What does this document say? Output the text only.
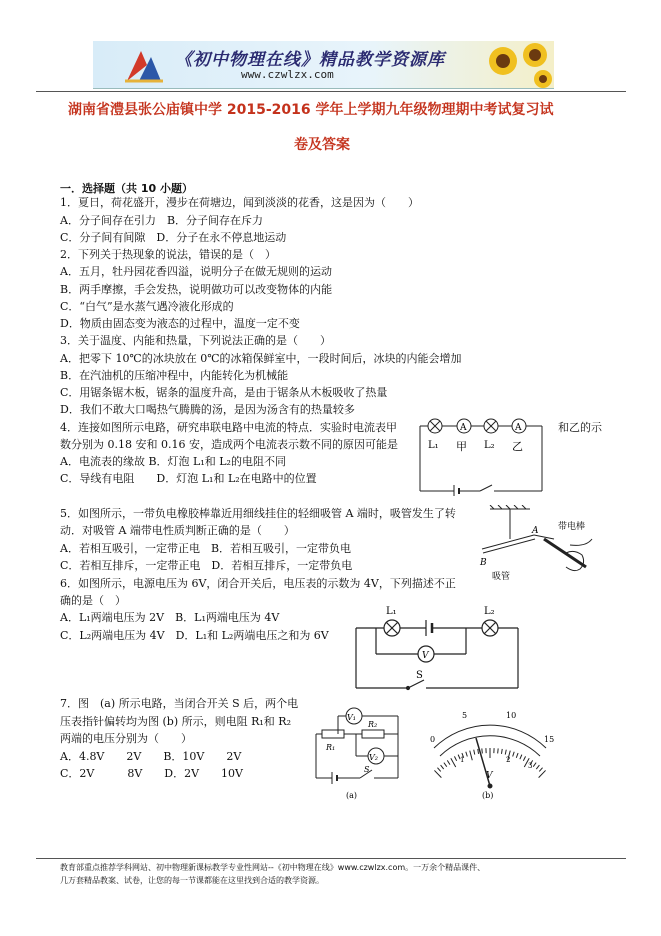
《初中物理在线》精品教学资源库
www.czwlzx.com
湖南省澧县张公庙镇中学 2015-2016 学年上学期九年级物理期中考试复习试
卷及答案
一．选择题（共 10 小题）
1．夏日，荷花盛开，漫步在荷塘边，闻到淡淡的花香，这是因为（　　）
A．分子间存在引力　B．分子间存在斥力
C．分子间有间隙　D．分子在永不停息地运动
2．下列关于热现象的说法，错误的是（　）
A．五月，牡丹园花香四溢，说明分子在做无规则的运动
B．两手摩擦，手会发热，说明做功可以改变物体的内能
C．“白气”是水蒸气遇冷液化形成的
D．物质由固态变为液态的过程中，温度一定不变
3．关于温度、内能和热量，下列说法正确的是（　　）
A．把零下 10℃的冰块放在 0℃的冰箱保鲜室中，一段时间后，冰块的内能会增加
B．在汽油机的压缩冲程中，内能转化为机械能
C．用锯条锯木板，锯条的温度升高，是由于锯条从木板吸收了热量
D．我们不敢大口喝热气腾腾的汤，是因为汤含有的热量较多
4．连接如图所示电路，研究串联电路中电流的特点．实验时电流表甲	和乙的示
数分别为 0.18 安和 0.16 安，造成两个电流表示数不同的原因可能是
A．电流表的缘故 B．灯泡 L₁和 L₂的电阻不同
C．导线有电阻　　D．灯泡 L₁和 L₂在电路中的位置
A	A
L₁ 甲 L₂ 乙
5．如图所示，一带负电橡胶棒靠近用细线挂住的轻细吸管 A 端时，吸管发生了转
动．对吸管 A 端带电性质判断正确的是（　　）
A．若相互吸引，一定带正电　B．若相互吸引，一定带负电
C．若相互排斥，一定带正电　D．若相互排斥，一定带负电	B
A
吸管
带电棒
6．如图所示，电源电压为 6V，闭合开关后，电压表的示数为 4V，下列描述不正
确的是（　）
A．L₁两端电压为 2V　B．L₁两端电压为 4V
C．L₂两端电压为 4V　D．L₁和 L₂两端电压之和为 6V
L₁	L₂
V
S
7．图　(a) 所示电路，当闭合开关 S 后，两个电
压表指针偏转均为图 (b) 所示，则电阻 R₁和 R₂
两端的电压分别为（　　）
A．4.8V　　2V　　B．10V　　2V
C．2V　　　8V　　D．2V　　10V
V₁
R₂
R₁
V₂
S
(a)
0
5	10
15
1	2
3
V
(b)
教育部重点推荐学科网站、初中物理新课标教学专业性网站--《初中物理在线》www.czwlzx.com。一万余个精品课件、
几万套精品教案、试卷，让您的每一节课都能在这里找到合适的教学资源。
